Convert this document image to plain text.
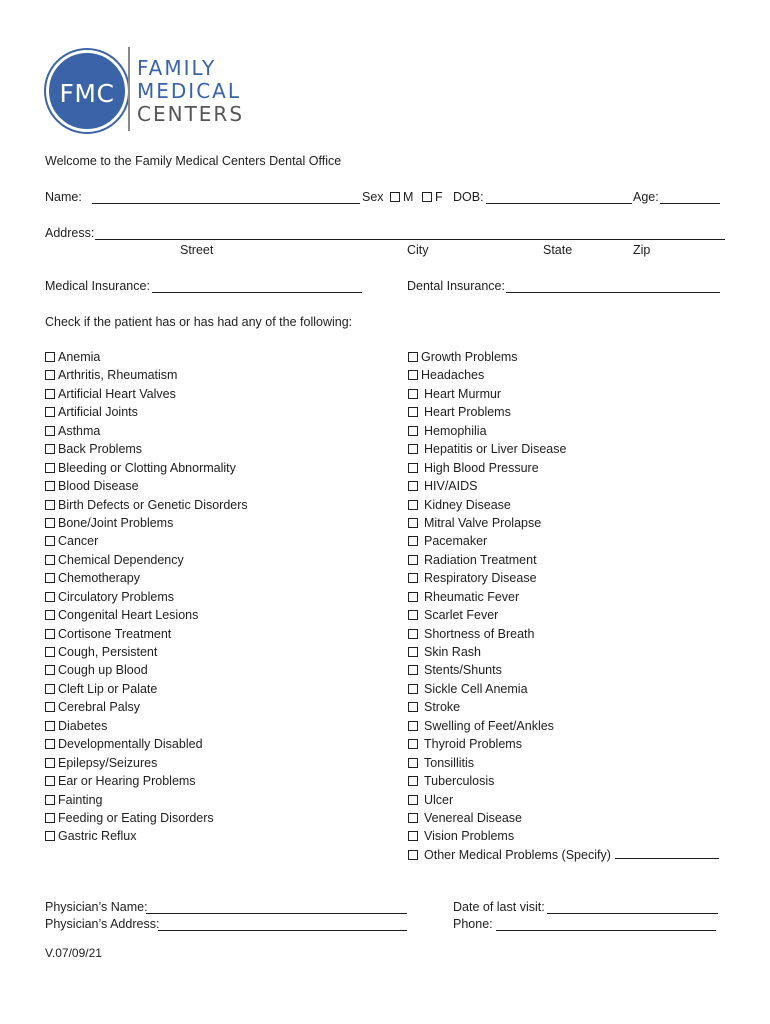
FMC
FAMILY
MEDICAL
CENTERS
Welcome to the Family Medical Centers Dental Office
Name:	Sex	M	F DOB:	Age:
Address:
Street	City	State	Zip
Medical Insurance:	Dental Insurance:
Check if the patient has or has had any of the following:
Anemia
Arthritis, Rheumatism
Artificial Heart Valves
Artificial Joints
Asthma
Back Problems
Bleeding or Clotting Abnormality
Blood Disease
Birth Defects or Genetic Disorders
Bone/Joint Problems
Cancer
Chemical Dependency
Chemotherapy
Circulatory Problems
Congenital Heart Lesions
Cortisone Treatment
Cough, Persistent
Cough up Blood
Cleft Lip or Palate
Cerebral Palsy
Diabetes
Developmentally Disabled
Epilepsy/Seizures
Ear or Hearing Problems
Fainting
Feeding or Eating Disorders
Gastric Reflux
Growth Problems
Headaches
Heart Murmur
Heart Problems
Hemophilia
Hepatitis or Liver Disease
High Blood Pressure
HIV/AIDS
Kidney Disease
Mitral Valve Prolapse
Pacemaker
Radiation Treatment
Respiratory Disease
Rheumatic Fever
Scarlet Fever
Shortness of Breath
Skin Rash
Stents/Shunts
Sickle Cell Anemia
Stroke
Swelling of Feet/Ankles
Thyroid Problems
Tonsillitis
Tuberculosis
Ulcer
Venereal Disease
Vision Problems
Other Medical Problems (Specify)
Physician’s Name:
Physician’s Address:
Date of last visit:
Phone:
V.07/09/21
